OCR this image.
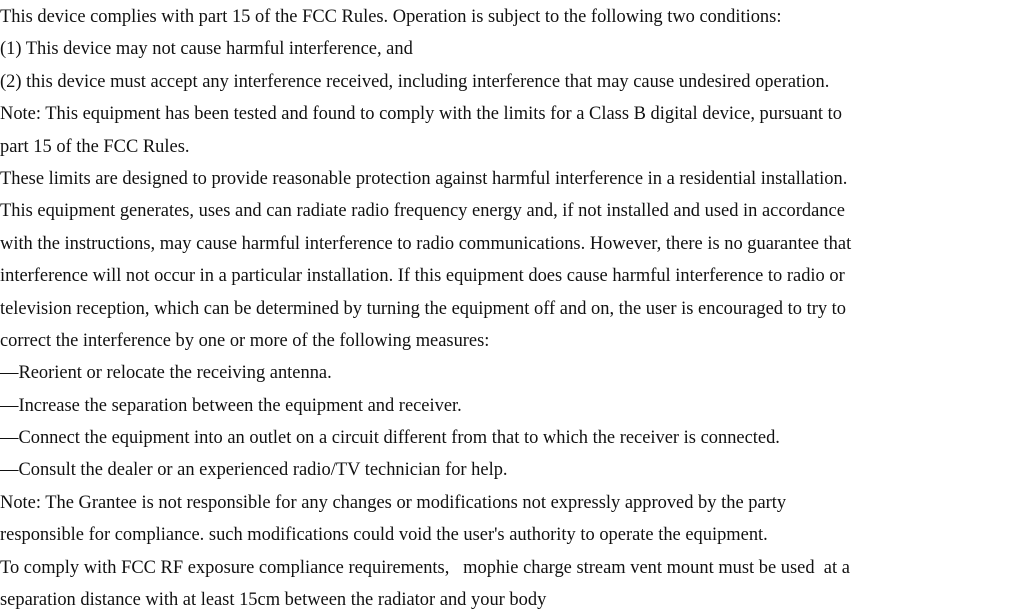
This device complies with part 15 of the FCC Rules. Operation is subject to the following two conditions:
(1) This device may not cause harmful interference, and
(2) this device must accept any interference received, including interference that may cause undesired operation.
Note: This equipment has been tested and found to comply with the limits for a Class B digital device, pursuant to
part 15 of the FCC Rules.
These limits are designed to provide reasonable protection against harmful interference in a residential installation.
This equipment generates, uses and can radiate radio frequency energy and, if not installed and used in accordance
with the instructions, may cause harmful interference to radio communications. However, there is no guarantee that
interference will not occur in a particular installation. If this equipment does cause harmful interference to radio or
television reception, which can be determined by turning the equipment off and on, the user is encouraged to try to
correct the interference by one or more of the following measures:
—Reorient or relocate the receiving antenna.
—Increase the separation between the equipment and receiver.
—Connect the equipment into an outlet on a circuit different from that to which the receiver is connected.
—Consult the dealer or an experienced radio/TV technician for help.
Note: The Grantee is not responsible for any changes or modifications not expressly approved by the party
responsible for compliance. such modifications could void the user's authority to operate the equipment.
To comply with FCC RF exposure compliance requirements,   mophie charge stream vent mount must be used  at a
separation distance with at least 15cm between the radiator and your body
